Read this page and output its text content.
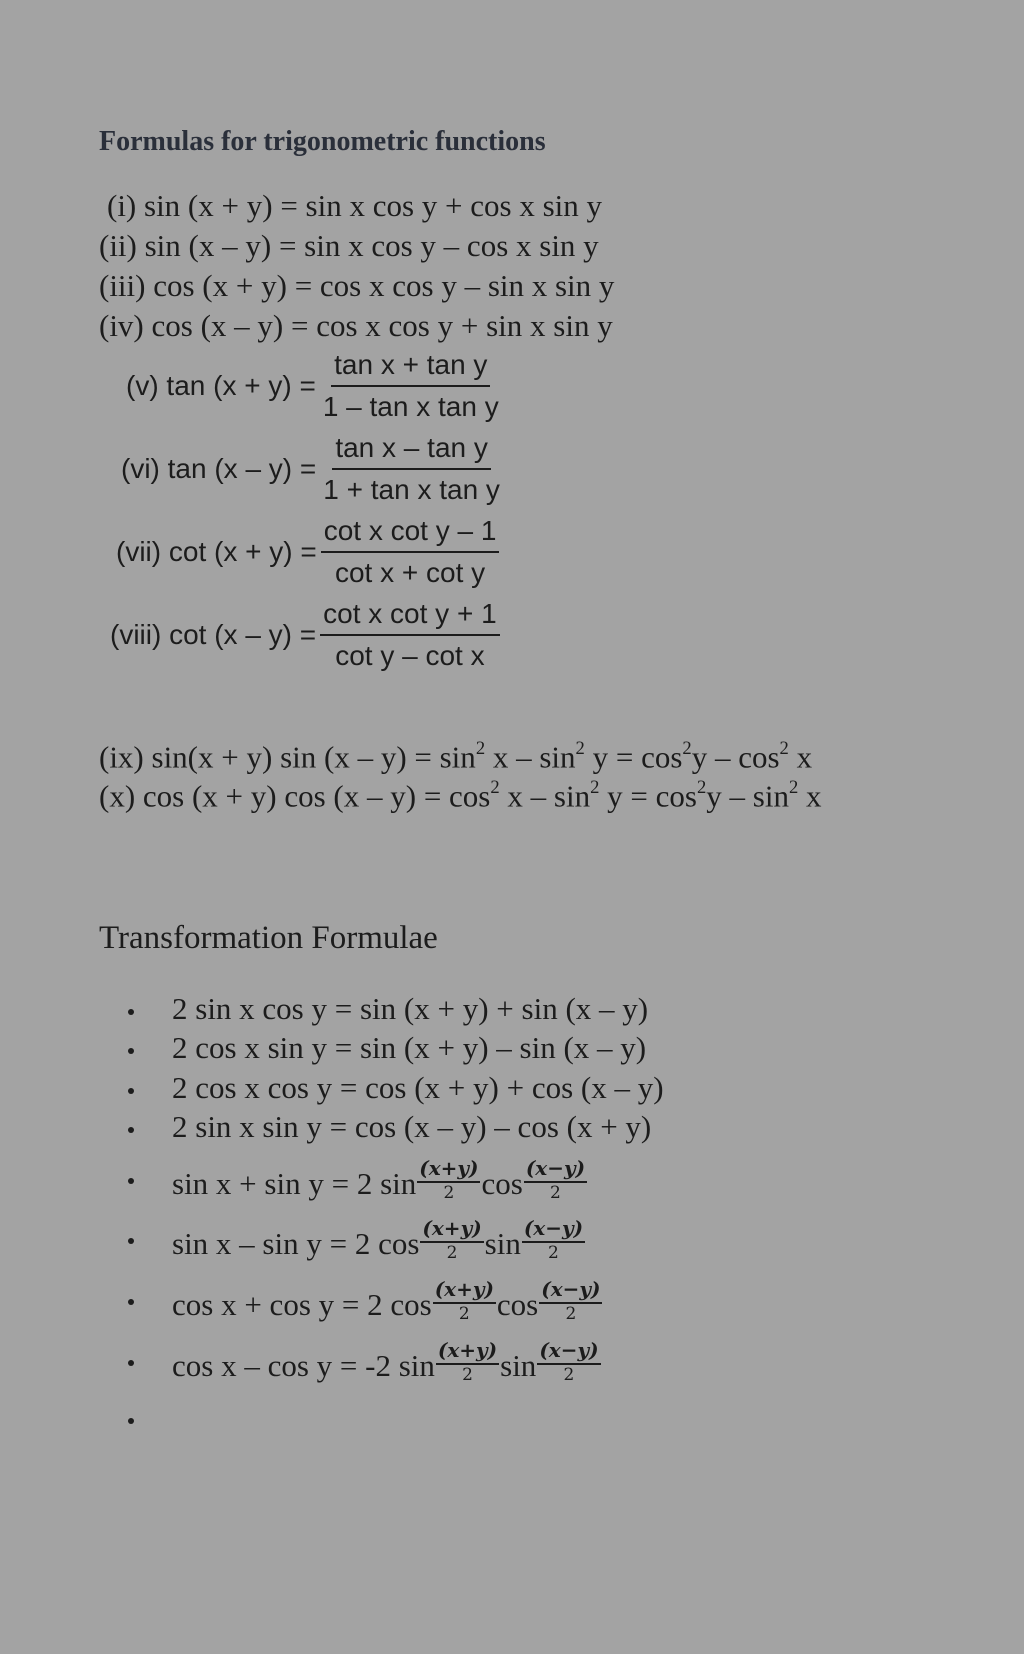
Formulas for trigonometric functions
(i) sin (x + y) = sin x cos y + cos x sin y
(ii) sin (x – y) = sin x cos y – cos x sin y
(iii) cos (x + y) = cos x cos y – sin x sin y
(iv) cos (x – y) = cos x cos y + sin x sin y
(v) $\tan (x + y) = \frac{\text{tan x + tan y}}{\text{1 – tan x tan y}}$
(vi) $\tan (x - y) = \frac{\text{tan x – tan y}}{\text{1 + tan x tan y}}$
(vii) $\cot (x + y) = \frac{\text{cot x cot y – 1}}{\text{cot x + cot y}}$
(viii) $\cot (x - y) = \frac{\text{cot x cot y + 1}}{\text{cot y – cot x}}$
(ix) sin(x + y) $\sin (x - y) = \sin^2 x - \sin^2 y = \cos^2y - \cos^2 x$
(x) cos (x + y) $\cos (x - y) = \cos^2 x - \sin^2 y = \cos^2y - \sin^2 x$
Transformation Formulae
2 sin x cos y = sin (x + y) + sin (x – y)
2 cos x sin y = sin (x + y) – sin (x – y)
2 cos x cos y = cos (x + y) + cos (x – y)
2 sin x sin y = cos (x – y) – cos (x + y)
sin x + sin y = 2 $\sin \frac{(x+y)}{2}$ $\cos \frac{(x-y)}{2}$
sin x – sin y = 2 $\cos \frac{(x+y)}{2}$ $\sin \frac{(x-y)}{2}$
cos x + cos y = 2 $\cos \frac{(x+y)}{2}$ $\cos \frac{(x-y)}{2}$
cos x – cos y = -2 $\sin \frac{(x+y)}{2}$ $\sin \frac{(x-y)}{2}$
